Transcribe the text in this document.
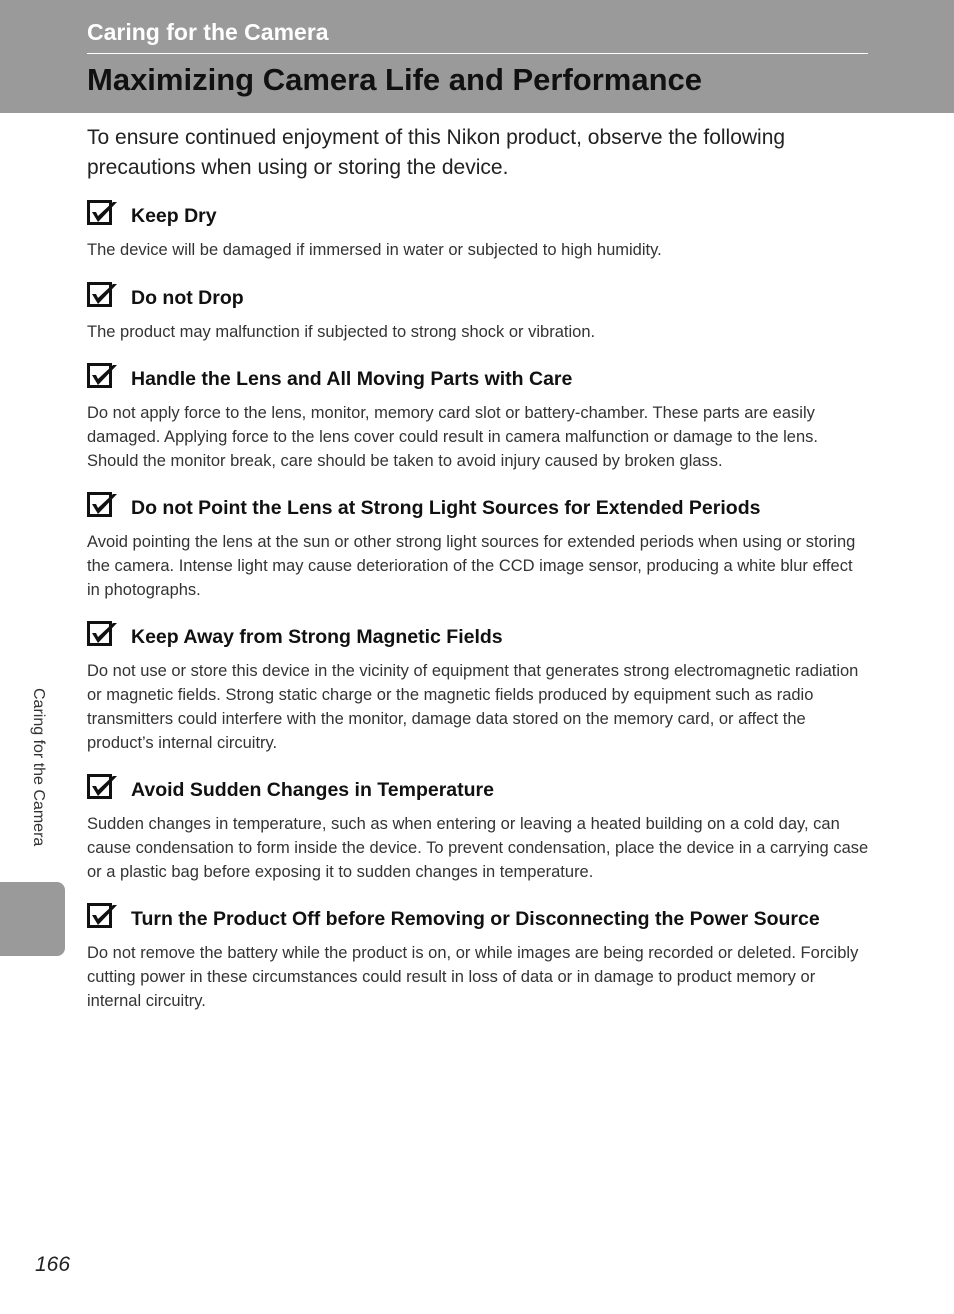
Caring for the Camera
Maximizing Camera Life and Performance
To ensure continued enjoyment of this Nikon product, observe the following precautions when using or storing the device.
Keep Dry

The device will be damaged if immersed in water or subjected to high humidity.

Do not Drop

The product may malfunction if subjected to strong shock or vibration.

Handle the Lens and All Moving Parts with Care

Do not apply force to the lens, monitor, memory card slot or battery-chamber. These parts are easily damaged. Applying force to the lens cover could result in camera malfunction or damage to the lens. Should the monitor break, care should be taken to avoid injury caused by broken glass.

Do not Point the Lens at Strong Light Sources for Extended Periods

Avoid pointing the lens at the sun or other strong light sources for extended periods when using or storing the camera. Intense light may cause deterioration of the CCD image sensor, producing a white blur effect in photographs.

Keep Away from Strong Magnetic Fields

Do not use or store this device in the vicinity of equipment that generates strong electromagnetic radiation or magnetic fields. Strong static charge or the magnetic fields produced by equipment such as radio transmitters could interfere with the monitor, damage data stored on the memory card, or affect the product’s internal circuitry.

Avoid Sudden Changes in Temperature

Sudden changes in temperature, such as when entering or leaving a heated building on a cold day, can cause condensation to form inside the device. To prevent condensation, place the device in a carrying case or a plastic bag before exposing it to sudden changes in temperature.

Turn the Product Off before Removing or Disconnecting the Power Source

Do not remove the battery while the product is on, or while images are being recorded or deleted. Forcibly cutting power in these circumstances could result in loss of data or in damage to product memory or internal circuitry.

Caring for the Camera
166
